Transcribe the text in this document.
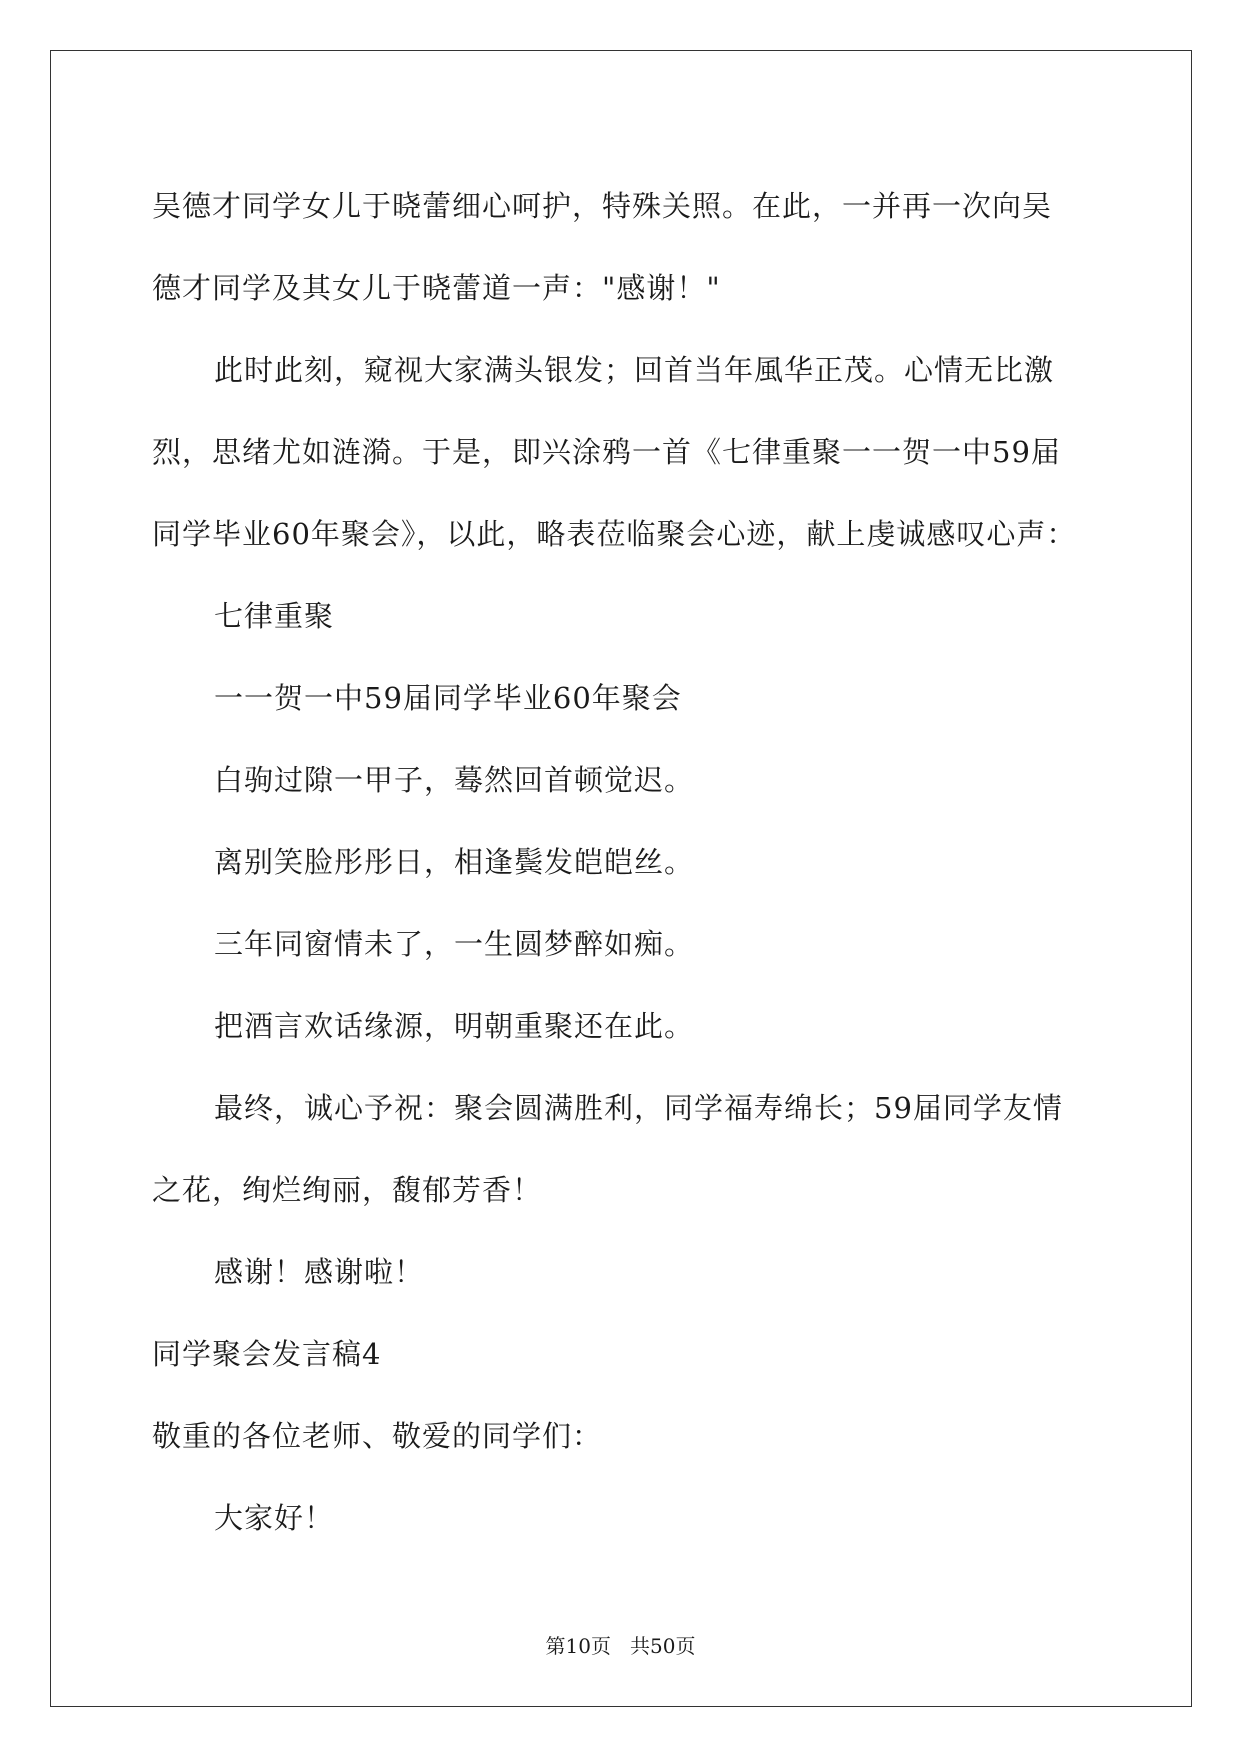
吴德才同学女儿于晓蕾细心呵护，特殊关照。在此，一并再一次向吴
德才同学及其女儿于晓蕾道一声："感谢！"
此时此刻，窥视大家满头银发；回首当年風华正茂。心情无比激
烈，思绪尤如涟漪。于是，即兴涂鸦一首《七律重聚一一贺一中59届
同学毕业60年聚会》，以此，略表莅临聚会心迹，献上虔诚感叹心声：
七律重聚
一一贺一中59届同学毕业60年聚会
白驹过隙一甲子，蓦然回首顿觉迟。
离别笑脸彤彤日，相逢鬓发皑皑丝。
三年同窗情未了，一生圆梦醉如痴。
把酒言欢话缘源，明朝重聚还在此。
最终，诚心予祝：聚会圆满胜利，同学福寿绵长；59届同学友情
之花，绚烂绚丽，馥郁芳香！
感谢！感谢啦！
同学聚会发言稿4
敬重的各位老师、敬爱的同学们：
大家好！
第10页 共50页
